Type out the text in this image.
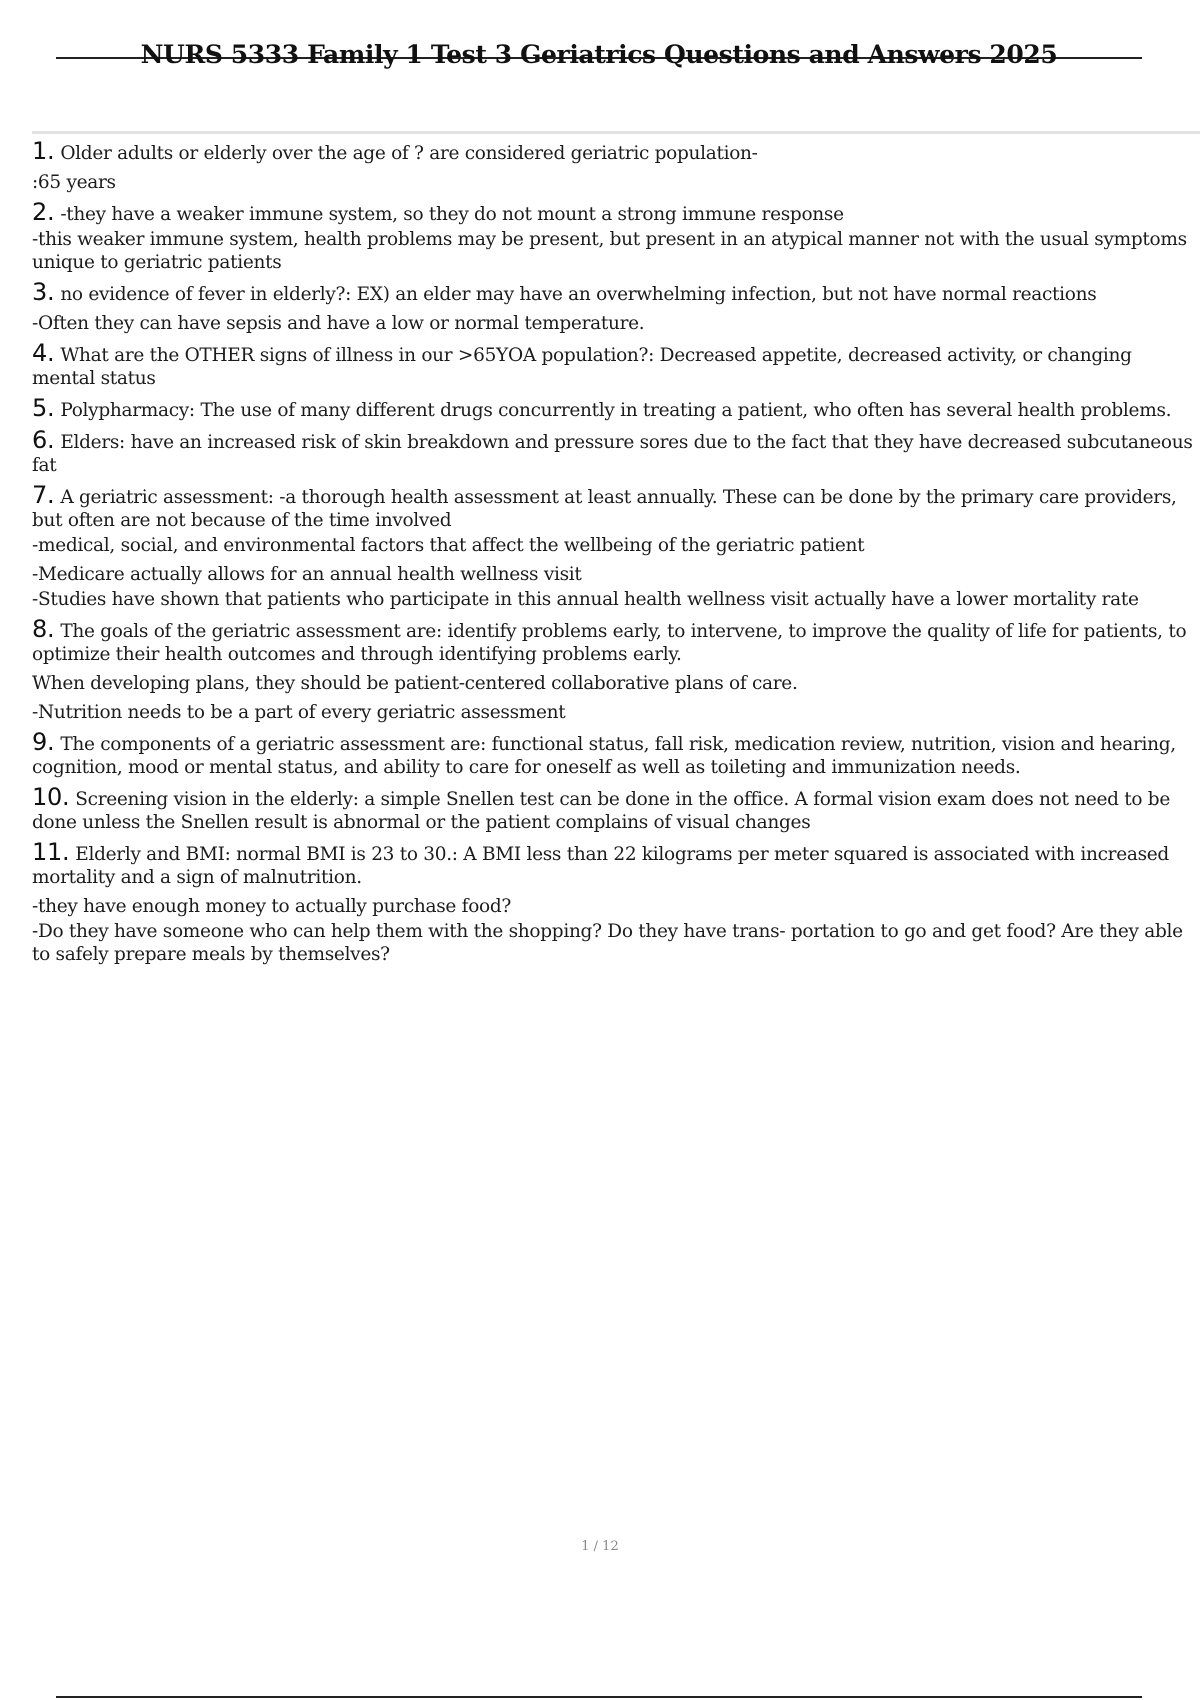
NURS 5333 Family 1 Test 3 Geriatrics Questions and Answers 2025
1. Older adults or elderly over the age of ? are considered geriatric population-
:65 years
2. -they have a weaker immune system, so they do not mount a strong immune response
-this weaker immune system, health problems may be present, but present in an atypical manner not with the usual symptoms unique to geriatric patients
3. no evidence of fever in elderly?: EX) an elder may have an overwhelming infection, but not have normal reactions
-Often they can have sepsis and have a low or normal temperature.
4. What are the OTHER signs of illness in our >65YOA population?: Decreased appetite, decreased activity, or changing mental status
5. Polypharmacy: The use of many different drugs concurrently in treating a patient, who often has several health problems.
6. Elders: have an increased risk of skin breakdown and pressure sores due to the fact that they have decreased subcutaneous fat
7. A geriatric assessment: -a thorough health assessment at least annually. These can be done by the primary care providers, but often are not because of the time involved
-medical, social, and environmental factors that affect the wellbeing of the geriatric patient
-Medicare actually allows for an annual health wellness visit
-Studies have shown that patients who participate in this annual health wellness visit actually have a lower mortality rate
8. The goals of the geriatric assessment are: identify problems early, to intervene, to improve the quality of life for patients, to optimize their health outcomes and through identifying problems early.
When developing plans, they should be patient-centered collaborative plans of care.
-Nutrition needs to be a part of every geriatric assessment
9. The components of a geriatric assessment are: functional status, fall risk, medication review, nutrition, vision and hearing, cognition, mood or mental status, and ability to care for oneself as well as toileting and immunization needs.
10. Screening vision in the elderly: a simple Snellen test can be done in the office. A formal vision exam does not need to be done unless the Snellen result is abnormal or the patient complains of visual changes
11. Elderly and BMI: normal BMI is 23 to 30.: A BMI less than 22 kilograms per meter squared is associated with increased mortality and a sign of malnutrition.
-they have enough money to actually purchase food?
-Do they have someone who can help them with the shopping? Do they have trans- portation to go and get food? Are they able to safely prepare meals by themselves?
1 / 12
